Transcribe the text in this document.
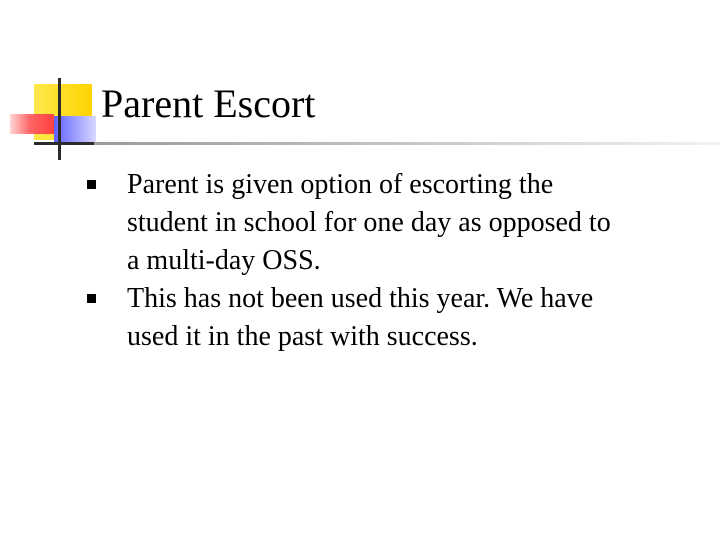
Parent Escort
Parent is given option of escorting the
student in school for one day as opposed to
a multi-day OSS.
This has not been used this year. We have
used it in the past with success.
